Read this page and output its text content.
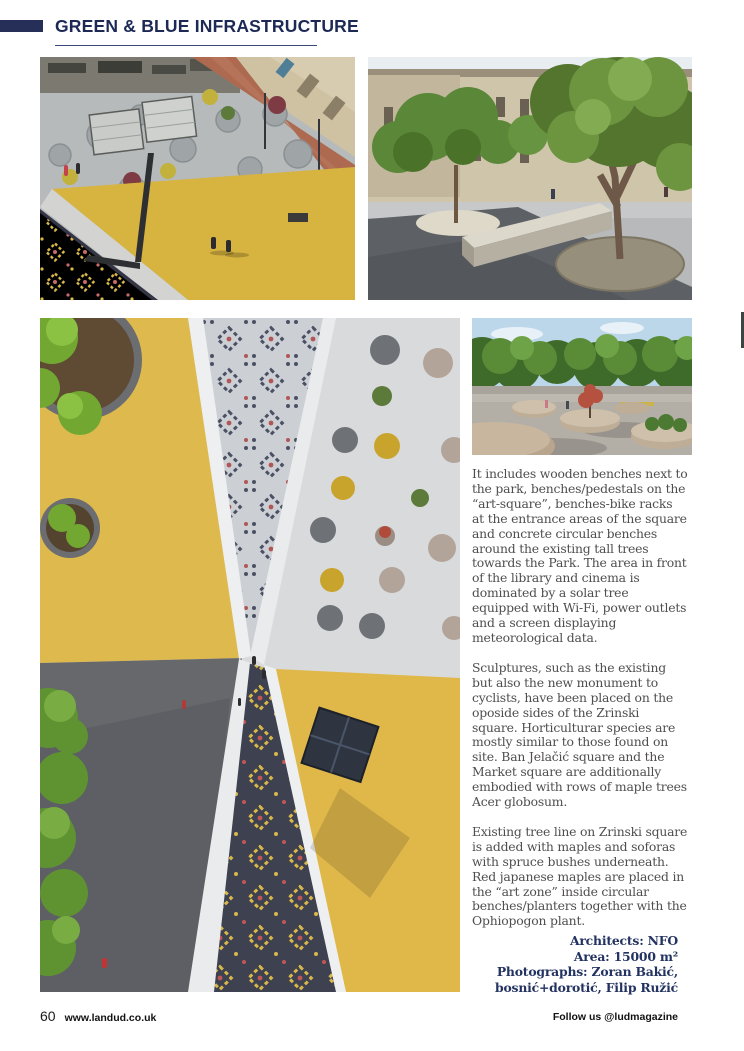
GREEN & BLUE INFRASTRUCTURE

It includes wooden benches next to the park, benches/pedestals on the “art-square”, benches-bike racks at the entrance areas of the square and concrete circular benches around the existing tall trees towards the Park. The area in front of the library and cinema is dominated by a solar tree equipped with Wi-Fi, power outlets and a screen displaying meteorological data.

Sculptures, such as the existing but also the new monument to cyclists, have been placed on the oposide sides of the Zrinski square. Horticulturar species are mostly similar to those found on site. Ban Jelačić square and the Market square are additionally embodied with rows of maple trees Acer globosum.

Existing tree line on Zrinski square is added with maples and soforas with spruce bushes underneath. Red japanese maples are placed in the “art zone” inside circular benches/planters together with the Ophiopogon plant.

Architects: NFO
Area: 15000 m²
Photographs: Zoran Bakić,
bosnić+dorotić, Filip Ružić
60 www.landud.co.uk	Follow us @ludmagazine
